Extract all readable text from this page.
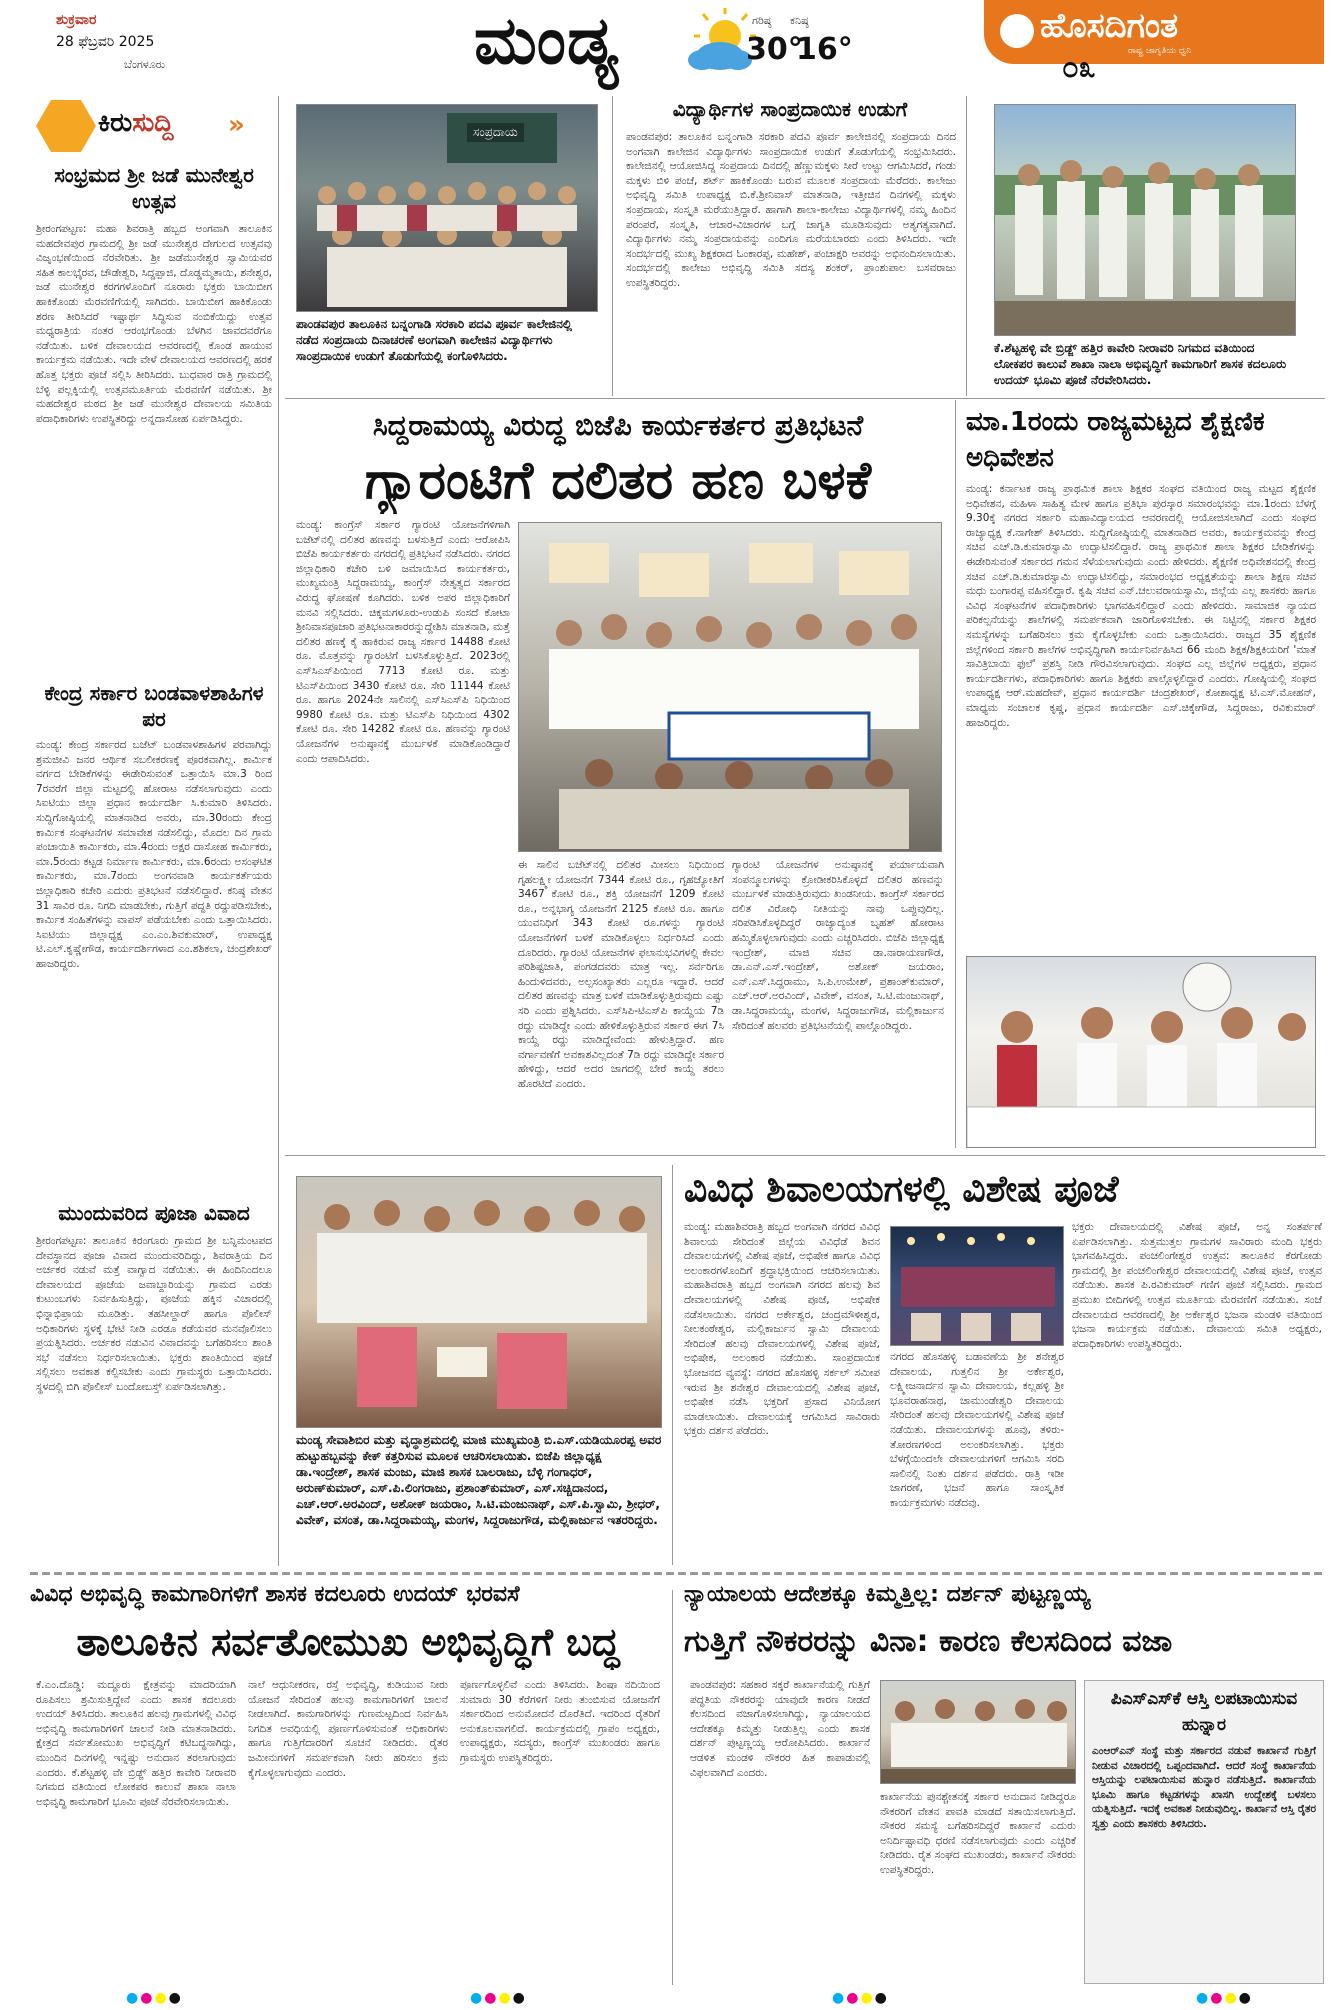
ಶುಕ್ರವಾರ
28 ಫೆಬ್ರವರಿ 2025
ಬೆಂಗಳೂರು	ಮಂಡ್ಯ	ಗರಿಷ್ಠ ಕನಿಷ್ಠ
30°
16°
ಹೊಸದಿಗಂತ
ರಾಷ್ಟ್ರ ಜಾಗೃತಿಯ ಧ್ವನಿ
೦೩
ಕಿರುಸುದ್ದಿ »
ಸಂಭ್ರಮದ ಶ್ರೀ ಜಡೆ ಮುನೇಶ್ವರ ಉತ್ಸವ
ಶ್ರೀರಂಗಪಟ್ಟಣ: ಮಹಾ ಶಿವರಾತ್ರಿ ಹಬ್ಬದ ಅಂಗವಾಗಿ ತಾಲೂಕಿನ ಮಹದೇವಪುರ ಗ್ರಾಮದಲ್ಲಿ ಶ್ರೀ ಜಡೆ ಮುನೇಶ್ವರ ದೇಗುಲದ ಉತ್ಸವವು ವಿಜೃಂಭಣೆಯಿಂದ ನೆರವೇರಿತು. ಶ್ರೀ ಜಡೆಮುನೇಶ್ವರ ಸ್ವಾಮಿಯವರ ಸಹಿತ ಕಾಲಭೈರವ, ಚೌಡೇಶ್ವರಿ, ಸಿದ್ದಪ್ಪಾಜಿ, ದೊಡ್ಡಮ್ಮತಾಯಿ, ಶನೇಶ್ವರ, ಜಡೆ ಮುನೇಶ್ವರ ಕರಗಗಳೊಂದಿಗೆ ನೂರಾರು ಭಕ್ತರು ಬಾಯಿಬೀಗ ಹಾಕಿಕೊಂಡು ಮೆರವಣಿಗೆಯಲ್ಲಿ ಸಾಗಿದರು. ಬಾಯಿಬೀಗ ಹಾಕಿಕೊಂಡು ಶರಣ ತೀರಿಸಿದರೆ ಇಷ್ಟಾರ್ಥ ಸಿದ್ಧಿಸುವ ನಂಬಿಕೆಯಿದ್ದು ಉತ್ಸವ ಮಧ್ಯರಾತ್ರಿಯ ನಂತರ ಆರಂಭಗೊಂಡು ಬೆಳಗಿನ ಜಾವದವರೆಗೂ ನಡೆಯಿತು. ಬಳಿಕ ದೇವಾಲಯದ ಆವರಣದಲ್ಲಿ ಕೊಂಡ ಹಾಯುವ ಕಾರ್ಯಕ್ರಮ ನಡೆಯಿತು. ಇದೇ ವೇಳೆ ದೇವಾಲಯದ ಆವರಣದಲ್ಲಿ ಹರಕೆ ಹೊತ್ತ ಭಕ್ತರು ಪೂಜೆ ಸಲ್ಲಿಸಿ ತೀರಿಸಿದರು. ಬುಧವಾರ ರಾತ್ರಿ ಗ್ರಾಮದಲ್ಲಿ ಬೆಳ್ಳಿ ಪಲ್ಲಕ್ಕಿಯಲ್ಲಿ ಉತ್ಸವಮೂರ್ತಿಯ ಮೆರವಣಿಗೆ ನಡೆಯಿತು. ಶ್ರೀ ಮಹದೇಶ್ವರ ಮಠದ ಶ್ರೀ ಜಡೆ ಮುನೇಶ್ವರ ದೇವಾಲಯ ಸಮಿತಿಯ ಪದಾಧಿಕಾರಿಗಳು ಉಪಸ್ಥಿತರಿದ್ದು ಅನ್ನದಾಸೋಹ ಏರ್ಪಡಿಸಿದ್ದರು.
ಕೇಂದ್ರ ಸರ್ಕಾರ ಬಂಡವಾಳಶಾಹಿಗಳ ಪರ
ಮಂಡ್ಯ: ಕೇಂದ್ರ ಸರ್ಕಾರದ ಬಜೆಟ್ ಬಂಡವಾಳಶಾಹಿಗಳ ಪರವಾಗಿದ್ದು ಶ್ರಮಜೀವಿ ಜನರ ಆರ್ಥಿಕ ಸಬಲೀಕರಣಕ್ಕೆ ಪೂರಕವಾಗಿಲ್ಲ. ಕಾರ್ಮಿಕ ವರ್ಗದ ಬೇಡಿಕೆಗಳನ್ನು ಈಡೇರಿಸುವಂತೆ ಒತ್ತಾಯಿಸಿ ಮಾ.3 ರಿಂದ 7ರವರೆಗೆ ಜಿಲ್ಲಾ ಮಟ್ಟದಲ್ಲಿ ಹೋರಾಟ ನಡೆಸಲಾಗುವುದು ಎಂದು ಸಿಐಟಿಯು ಜಿಲ್ಲಾ ಪ್ರಧಾನ ಕಾರ್ಯದರ್ಶಿ ಸಿ.ಕುಮಾರಿ ತಿಳಿಸಿದರು. ಸುದ್ದಿಗೋಷ್ಠಿಯಲ್ಲಿ ಮಾತನಾಡಿದ ಅವರು, ಮಾ.30ರಂದು ಕೇಂದ್ರ ಕಾರ್ಮಿಕ ಸಂಘಟನೆಗಳ ಸಮಾವೇಶ ನಡೆಸಲಿದ್ದು, ಮೊದಲ ದಿನ ಗ್ರಾಮ ಪಂಚಾಯಿತಿ ಕಾರ್ಮಿಕರು, ಮಾ.4ರಂದು ಅಕ್ಷರ ದಾಸೋಹ ಕಾರ್ಮಿಕರು, ಮಾ.5ರಂದು ಕಟ್ಟಡ ನಿರ್ಮಾಣ ಕಾರ್ಮಿಕರು, ಮಾ.6ರಂದು ಅಸಂಘಟಿತ ಕಾರ್ಮಿಕರು, ಮಾ.7ರಂದು ಅಂಗನವಾಡಿ ಕಾರ್ಯಕರ್ತೆಯರು ಜಿಲ್ಲಾಧಿಕಾರಿ ಕಚೇರಿ ಎದುರು ಪ್ರತಿಭಟನೆ ನಡೆಸಲಿದ್ದಾರೆ. ಕನಿಷ್ಠ ವೇತನ 31 ಸಾವಿರ ರೂ. ನಿಗದಿ ಮಾಡಬೇಕು, ಗುತ್ತಿಗೆ ಪದ್ಧತಿ ರದ್ದುಪಡಿಸಬೇಕು, ಕಾರ್ಮಿಕ ಸಂಹಿತೆಗಳನ್ನು ವಾಪಸ್ ಪಡೆಯಬೇಕು ಎಂದು ಒತ್ತಾಯಿಸಿದರು. ಸಿಐಟಿಯು ಜಿಲ್ಲಾಧ್ಯಕ್ಷ ಎಂ.ಎಂ.ಶಿವಕುಮಾರ್, ಉಪಾಧ್ಯಕ್ಷ ಟಿ.ಎಲ್.ಕೃಷ್ಣೇಗೌಡ, ಕಾರ್ಯದರ್ಶಿಗಳಾದ ಎಂ.ಶಶಿಕಲಾ, ಚಂದ್ರಶೇಖರ್ ಹಾಜರಿದ್ದರು.
ಮುಂದುವರಿದ ಪೂಜಾ ವಿವಾದ
ಶ್ರೀರಂಗಪಟ್ಟಣ: ತಾಲೂಕಿನ ಕಿರಂಗೂರು ಗ್ರಾಮದ ಶ್ರೀ ಬನ್ನಿಮಂಟಪದ ದೇವಸ್ಥಾನದ ಪೂಜಾ ವಿವಾದ ಮುಂದುವರಿದಿದ್ದು, ಶಿವರಾತ್ರಿಯ ದಿನ ಅರ್ಚಕರ ನಡುವೆ ಮತ್ತೆ ವಾಗ್ವಾದ ನಡೆಯಿತು. ಈ ಹಿಂದಿನಿಂದಲೂ ದೇವಾಲಯದ ಪೂಜೆಯ ಜವಾಬ್ದಾರಿಯನ್ನು ಗ್ರಾಮದ ಎರಡು ಕುಟುಂಬಗಳು ನಿರ್ವಹಿಸುತ್ತಿದ್ದು, ಪೂಜೆಯ ಹಕ್ಕಿನ ವಿಚಾರದಲ್ಲಿ ಭಿನ್ನಾಭಿಪ್ರಾಯ ಮೂಡಿತ್ತು. ತಹಸೀಲ್ದಾರ್ ಹಾಗೂ ಪೊಲೀಸ್ ಅಧಿಕಾರಿಗಳು ಸ್ಥಳಕ್ಕೆ ಭೇಟಿ ನೀಡಿ ಎರಡೂ ಕಡೆಯವರ ಮನವೊಲಿಸಲು ಪ್ರಯತ್ನಿಸಿದರು. ಅರ್ಚಕರ ನಡುವಿನ ವಿವಾದವನ್ನು ಬಗೆಹರಿಸಲು ಶಾಂತಿ ಸಭೆ ನಡೆಸಲು ನಿರ್ಧರಿಸಲಾಯಿತು. ಭಕ್ತರು ಶಾಂತಿಯಿಂದ ಪೂಜೆ ಸಲ್ಲಿಸಲು ಅವಕಾಶ ಕಲ್ಪಿಸಬೇಕು ಎಂದು ಗ್ರಾಮಸ್ಥರು ಒತ್ತಾಯಿಸಿದರು. ಸ್ಥಳದಲ್ಲಿ ಬಿಗಿ ಪೊಲೀಸ್ ಬಂದೋಬಸ್ತ್ ಏರ್ಪಡಿಸಲಾಗಿತ್ತು.
ಸಂಪ್ರದಾಯ
ಪಾಂಡವಪುರ ತಾಲೂಕಿನ ಬನ್ನಂಗಾಡಿ ಸರಕಾರಿ ಪದವಿ ಪೂರ್ವ ಕಾಲೇಜಿನಲ್ಲಿ ನಡೆದ ಸಂಪ್ರದಾಯ ದಿನಾಚರಣೆ ಅಂಗವಾಗಿ ಕಾಲೇಜಿನ ವಿದ್ಯಾರ್ಥಿಗಳು ಸಾಂಪ್ರದಾಯಿಕ ಉಡುಗೆ ತೊಡುಗೆಯಲ್ಲಿ ಕಂಗೊಳಿಸಿದರು.
ವಿದ್ಯಾರ್ಥಿಗಳ ಸಾಂಪ್ರದಾಯಿಕ ಉಡುಗೆ
ಪಾಂಡವಪುರ: ತಾಲೂಕಿನ ಬನ್ನಂಗಾಡಿ ಸರಕಾರಿ ಪದವಿ ಪೂರ್ವ ಕಾಲೇಜಿನಲ್ಲಿ ಸಂಪ್ರದಾಯ ದಿನದ ಅಂಗವಾಗಿ ಕಾಲೇಜಿನ ವಿದ್ಯಾರ್ಥಿಗಳು ಸಾಂಪ್ರದಾಯಿಕ ಉಡುಗೆ ತೊಡುಗೆಯಲ್ಲಿ ಸಂಭ್ರಮಿಸಿದರು. ಕಾಲೇಜಿನಲ್ಲಿ ಆಯೋಜಿಸಿದ್ದ ಸಂಪ್ರದಾಯ ದಿನದಲ್ಲಿ ಹೆಣ್ಣುಮಕ್ಕಳು ಸೀರೆ ಉಟ್ಟು ಆಗಮಿಸಿದರೆ, ಗಂಡು ಮಕ್ಕಳು ಬಿಳಿ ಪಂಚೆ, ಶರ್ಟ್ ಹಾಕಿಕೊಂಡು ಬರುವ ಮೂಲಕ ಸಂಪ್ರದಾಯ ಮೆರೆದರು. ಕಾಲೇಜು ಅಭಿವೃದ್ಧಿ ಸಮಿತಿ ಉಪಾಧ್ಯಕ್ಷ ಬಿ.ಕೆ.ಶ್ರೀನಿವಾಸ್ ಮಾತನಾಡಿ, ಇತ್ತೀಚಿನ ದಿನಗಳಲ್ಲಿ ಮಕ್ಕಳು ಸಂಪ್ರದಾಯ, ಸಂಸ್ಕೃತಿ ಮರೆಯುತ್ತಿದ್ದಾರೆ. ಹಾಗಾಗಿ ಶಾಲಾ-ಕಾಲೇಜು ವಿದ್ಯಾರ್ಥಿಗಳಲ್ಲಿ ನಮ್ಮ ಹಿಂದಿನ ಪರಂಪರೆ, ಸಂಸ್ಕೃತಿ, ಆಚಾರ-ವಿಚಾರಗಳ ಬಗ್ಗೆ ಜಾಗೃತಿ ಮೂಡಿಸುವುದು ಅತ್ಯಗತ್ಯವಾಗಿದೆ. ವಿದ್ಯಾರ್ಥಿಗಳು ನಮ್ಮ ಸಂಪ್ರದಾಯವನ್ನು ಎಂದಿಗೂ ಮರೆಯಬಾರದು ಎಂದು ತಿಳಿಸಿದರು. ಇದೇ ಸಂದರ್ಭದಲ್ಲಿ ಮುಖ್ಯ ಶಿಕ್ಷಕರಾದ ಓಂಕಾರಪ್ಪ, ಮಹೇಶ್, ಪಂಚಾಕ್ಷರಿ ಅವರನ್ನು ಅಭಿನಂದಿಸಲಾಯಿತು. ಸಂದರ್ಭದಲ್ಲಿ ಕಾಲೇಜು ಅಭಿವೃದ್ಧಿ ಸಮಿತಿ ಸದಸ್ಯ ಶಂಕರ್, ಪ್ರಾಂಶುಪಾಲ ಬಸವರಾಜು ಉಪಸ್ಥಿತರಿದ್ದರು.
ಕೆ.ಶೆಟ್ಟಹಳ್ಳಿ ವೇ ಬ್ರಿಡ್ಜ್ ಹತ್ತಿರ ಕಾವೇರಿ ನೀರಾವರಿ ನಿಗಮದ ವತಿಯಿಂದ ಲೋಕಪರ ಕಾಲುವೆ ಶಾಖಾ ನಾಲಾ ಅಭಿವೃದ್ಧಿಗೆ ಕಾಮಗಾರಿಗೆ ಶಾಸಕ ಕದಲೂರು ಉದಯ್ ಭೂಮಿ ಪೂಜೆ ನೆರವೇರಿಸಿದರು.
ಸಿದ್ದರಾಮಯ್ಯ ವಿರುದ್ಧ ಬಿಜೆಪಿ ಕಾರ್ಯಕರ್ತರ ಪ್ರತಿಭಟನೆ
ಗ್ಯಾರಂಟಿಗೆ ದಲಿತರ ಹಣ ಬಳಕೆ
ಮಂಡ್ಯ: ಕಾಂಗ್ರೆಸ್ ಸರ್ಕಾರ ಗ್ಯಾರಂಟಿ ಯೋಜನೆಗಳಿಗಾಗಿ ಬಜೆಟ್‌ನಲ್ಲಿ ದಲಿತರ ಹಣವನ್ನು ಬಳಸುತ್ತಿದೆ ಎಂದು ಆರೋಪಿಸಿ ಬಿಜೆಪಿ ಕಾರ್ಯಕರ್ತರು ನಗರದಲ್ಲಿ ಪ್ರತಿಭಟನೆ ನಡೆಸಿದರು. ನಗರದ ಜಿಲ್ಲಾಧಿಕಾರಿ ಕಚೇರಿ ಬಳಿ ಜಮಾಯಿಸಿದ ಕಾರ್ಯಕರ್ತರು, ಮುಖ್ಯಮಂತ್ರಿ ಸಿದ್ದರಾಮಯ್ಯ, ಕಾಂಗ್ರೆಸ್ ನೇತೃತ್ವದ ಸರ್ಕಾರದ ವಿರುದ್ಧ ಘೋಷಣೆ ಕೂಗಿದರು. ಬಳಿಕ ಅಪರ ಜಿಲ್ಲಾಧಿಕಾರಿಗೆ ಮನವಿ ಸಲ್ಲಿಸಿದರು. ಚಿಕ್ಕಮಗಳೂರು-ಉಡುಪಿ ಸಂಸದೆ ಕೋಟಾ ಶ್ರೀನಿವಾಸಪೂಜಾರಿ ಪ್ರತಿಭಟನಾಕಾರರನ್ನುದ್ದೇಶಿಸಿ ಮಾತನಾಡಿ, ಮತ್ತೆ ದಲಿತರ ಹಣಕ್ಕೆ ಕೈ ಹಾಕಿರುವ ರಾಜ್ಯ ಸರ್ಕಾರ 14488 ಕೋಟಿ ರೂ. ಮೊತ್ತವನ್ನು ಗ್ಯಾರಂಟಿಗೆ ಬಳಸಿಕೊಳ್ಳುತ್ತಿದೆ. 2023ರಲ್ಲಿ ಎಸ್‌ಸಿಎಸ್‌ಪಿಯಿಂದ 7713 ಕೋಟಿ ರೂ. ಮತ್ತು ಟಿಎಸ್‌ಪಿಯಿಂದ 3430 ಕೋಟಿ ರೂ. ಸೇರಿ 11144 ಕೋಟಿ ರೂ. ಹಾಗೂ 2024ನೇ ಸಾಲಿನಲ್ಲಿ ಎಸ್‌ಸಿಎಸ್‌ಪಿ ನಿಧಿಯಿಂದ 9980 ಕೋಟಿ ರೂ. ಮತ್ತು ಟಿಎಸ್‌ಪಿ ನಿಧಿಯಿಂದ 4302 ಕೋಟಿ ರೂ. ಸೇರಿ 14282 ಕೋಟಿ ರೂ. ಹಣವನ್ನು ಗ್ಯಾರಂಟಿ ಯೋಜನೆಗಳ ಅನುಷ್ಠಾನಕ್ಕೆ ಮುರ್ಬಳಕೆ ಮಾಡಿಕೊಂಡಿದ್ದಾರೆ ಎಂದು ಆಪಾದಿಸಿದರು.
ಈ ಸಾಲಿನ ಬಜೆಟ್‌ನಲ್ಲಿ ದಲಿತರ ಮೀಸಲು ನಿಧಿಯಿಂದ ಗೃಹಲಕ್ಷ್ಮೀ ಯೋಜನೆಗೆ 7344 ಕೋಟಿ ರೂ., ಗೃಹಜ್ಯೋತಿಗೆ 3467 ಕೋಟಿ ರೂ., ಶಕ್ತಿ ಯೋಜನೆಗೆ 1209 ಕೋಟಿ ರೂ., ಅನ್ನಭಾಗ್ಯ ಯೋಜನೆಗೆ 2125 ಕೋಟಿ ರೂ. ಹಾಗೂ ಯುವನಿಧಿಗೆ 343 ಕೋಟಿ ರೂ.ಗಳನ್ನು ಗ್ಯಾರಂಟಿ ಯೋಜನೆಗಳಿಗೆ ಬಳಕೆ ಮಾಡಿಕೊಳ್ಳಲು ನಿರ್ಧರಿಸಿದೆ ಎಂದು ದೂರಿದರು. ಗ್ಯಾರಂಟಿ ಯೋಜನೆಗಳ ಫಲಾನುಭವಿಗಳಲ್ಲಿ ಕೇವಲ ಪರಿಶಿಷ್ಟಜಾತಿ, ಪಂಗಡದವರು ಮಾತ್ರ ಇಲ್ಲ. ಸರ್ವರಿಗೂ ಹಿಂದುಳಿದವರು, ಅಲ್ಪಸಂಖ್ಯಾತರು ಎಲ್ಲರೂ ಇದ್ದಾರೆ. ಆದರೆ ದಲಿತರ ಹಣವನ್ನು ಮಾತ್ರ ಬಳಕೆ ಮಾಡಿಕೊಳ್ಳುತ್ತಿರುವುದು ಎಷ್ಟು ಸರಿ ಎಂದು ಪ್ರಶ್ನಿಸಿದರು. ಎಸ್‌ಸಿಪಿ-ಟಿಎಸ್‌ಪಿ ಕಾಯ್ದೆಯ 7ಡಿ ರದ್ದು ಮಾಡಿದ್ದೇ ಎಂದು ಹೇಳಿಕೊಳ್ಳುತ್ತಿರುವ ಸರ್ಕಾರ ಈಗ 7ಸಿ ಕಾಯ್ದೆ ರದ್ದು ಮಾಡಿದ್ದೇವೆಂದು ಹೇಳುತ್ತಿದ್ದಾರೆ. ಹಣ ವರ್ಗಾವಣೆಗೆ ಅವಕಾಶವಿಲ್ಲದಂತೆ 7ಡಿ ರದ್ದು ಮಾಡಿದ್ದೇ ಸರ್ಕಾರ ಹೇಳಿದ್ದು, ಆದರೆ ಅದರ ಜಾಗದಲ್ಲಿ ಬೇರೆ ಕಾಯ್ದೆ ತರಲು ಹೊರಟಿದೆ ಎಂದರು.
ಗ್ಯಾರಂಟಿ ಯೋಜನೆಗಳ ಅನುಷ್ಠಾನಕ್ಕೆ ಪರ್ಯಾಯವಾಗಿ ಸಂಪನ್ಮೂಲಗಳನ್ನು ಕ್ರೋಡೀಕರಿಸಿಕೊಳ್ಳದೆ ದಲಿತರ ಹಣವನ್ನು ಮುರ್ಬಳಕೆ ಮಾಡುತ್ತಿರುವುದು ಖಂಡನೀಯ. ಕಾಂಗ್ರೆಸ್ ಸರ್ಕಾರದ ದಲಿತ ವಿರೋಧಿ ನೀತಿಯನ್ನು ನಾವು ಒಪ್ಪುವುದಿಲ್ಲ. ಸರಿಪಡಿಸಿಕೊಳ್ಳದಿದ್ದರೆ ರಾಜ್ಯಾದ್ಯಂತ ಬೃಹತ್ ಹೋರಾಟ ಹಮ್ಮಿಕೊಳ್ಳಲಾಗುವುದು ಎಂದು ಎಚ್ಚರಿಸಿದರು. ಬಿಜೆಪಿ ಜಿಲ್ಲಾಧ್ಯಕ್ಷ ಇಂದ್ರೇಶ್, ಮಾಜಿ ಸಚಿವ ಡಾ.ನಾರಾಯಣಗೌಡ, ಡಾ.ಎನ್.ಎಸ್.ಇಂದ್ರೇಶ್, ಅಶೋಕ್ ಜಯರಾಂ, ಎನ್.ಎಸ್.ಸಿದ್ದರಾಮು, ಸಿ.ಪಿ.ಉಮೇಶ್, ಪ್ರಶಾಂತ್‌ಕುಮಾರ್, ಎಚ್.ಆರ್.ಅರವಿಂದ್, ವಿವೇಕ್, ವಸಂತ, ಸಿ.ಟಿ.ಮಂಜುನಾಥ್, ಡಾ.ಸಿದ್ದರಾಮಯ್ಯ, ಮಂಗಳ, ಸಿದ್ದರಾಜುಗೌಡ, ಮಲ್ಲಿಕಾರ್ಜುನ ಸೇರಿದಂತೆ ಹಲವರು ಪ್ರತಿಭಟನೆಯಲ್ಲಿ ಪಾಲ್ಗೊಂಡಿದ್ದರು.
ಮಾ.1ರಂದು ರಾಜ್ಯಮಟ್ಟದ ಶೈಕ್ಷಣಿಕ ಅಧಿವೇಶನ
ಮಂಡ್ಯ: ಕರ್ನಾಟಕ ರಾಜ್ಯ ಪ್ರಾಥಮಿಕ ಶಾಲಾ ಶಿಕ್ಷಕರ ಸಂಘದ ವತಿಯಿಂದ ರಾಜ್ಯ ಮಟ್ಟದ ಶೈಕ್ಷಣಿಕ ಅಧಿವೇಶನ, ಮಹಿಳಾ ಸಾಹಿತ್ಯ ಮೇಳ ಹಾಗೂ ಪ್ರತಿಭಾ ಪುರಸ್ಕಾರ ಸಮಾರಂಭವನ್ನು ಮಾ.1ರಂದು ಬೆಳಗ್ಗೆ 9.30ಕ್ಕೆ ನಗರದ ಸರ್ಕಾರಿ ಮಹಾವಿದ್ಯಾಲಯದ ಆವರಣದಲ್ಲಿ ಆಯೋಜಿಸಲಾಗಿದೆ ಎಂದು ಸಂಘದ ರಾಜ್ಯಾಧ್ಯಕ್ಷ ಕೆ.ನಾಗೇಶ್ ತಿಳಿಸಿದರು. ಸುದ್ದಿಗೋಷ್ಠಿಯಲ್ಲಿ ಮಾತನಾಡಿದ ಅವರು, ಕಾರ್ಯಕ್ರಮವನ್ನು ಕೇಂದ್ರ ಸಚಿವ ಎಚ್.ಡಿ.ಕುಮಾರಸ್ವಾಮಿ ಉದ್ಘಾಟಿಸಲಿದ್ದಾರೆ. ರಾಜ್ಯ ಪ್ರಾಥಮಿಕ ಶಾಲಾ ಶಿಕ್ಷಕರ ಬೇಡಿಕೆಗಳನ್ನು ಈಡೇರಿಸುವಂತೆ ಸರ್ಕಾರದ ಗಮನ ಸೆಳೆಯಲಾಗುವುದು ಎಂದು ಹೇಳಿದರು. ಶೈಕ್ಷಣಿಕ ಅಧಿವೇಶನದಲ್ಲಿ ಕೇಂದ್ರ ಸಚಿವ ಎಚ್.ಡಿ.ಕುಮಾರಸ್ವಾಮಿ ಉದ್ಘಾಟಿಸಲಿದ್ದು, ಸಮಾರಂಭದ ಅಧ್ಯಕ್ಷತೆಯನ್ನು ಶಾಲಾ ಶಿಕ್ಷಣ ಸಚಿವ ಮಧು ಬಂಗಾರಪ್ಪ ವಹಿಸಲಿದ್ದಾರೆ. ಕೃಷಿ ಸಚಿವ ಎನ್.ಚಲುವರಾಯಸ್ವಾಮಿ, ಜಿಲ್ಲೆಯ ಎಲ್ಲ ಶಾಸಕರು ಹಾಗೂ ವಿವಿಧ ಸಂಘಟನೆಗಳ ಪದಾಧಿಕಾರಿಗಳು ಭಾಗವಹಿಸಲಿದ್ದಾರೆ ಎಂದು ಹೇಳಿದರು. ಸಾಮಾಜಿಕ ನ್ಯಾಯದ ಪರಿಕಲ್ಪನೆಯನ್ನು ಶಾಲೆಗಳಲ್ಲಿ ಸಮರ್ಪಕವಾಗಿ ಜಾರಿಗೊಳಿಸಬೇಕು. ಈ ನಿಟ್ಟಿನಲ್ಲಿ ಸರ್ಕಾರ ಶಿಕ್ಷಕರ ಸಮಸ್ಯೆಗಳನ್ನು ಬಗೆಹರಿಸಲು ಕ್ರಮ ಕೈಗೊಳ್ಳಬೇಕು ಎಂದು ಒತ್ತಾಯಿಸಿದರು. ರಾಜ್ಯದ 35 ಶೈಕ್ಷಣಿಕ ಜಿಲ್ಲೆಗಳಿಂದ ಸರ್ಕಾರಿ ಶಾಲೆಗಳ ಅಭಿವೃದ್ಧಿಗಾಗಿ ಕಾರ್ಯನಿರ್ವಹಿಸಿದ 66 ಮಂದಿ ಶಿಕ್ಷಕ/ಶಿಕ್ಷಕಿಯರಿಗೆ 'ಮಾತೆ ಸಾವಿತ್ರಿಬಾಯಿ ಫುಲೆ' ಪ್ರಶಸ್ತಿ ನೀಡಿ ಗೌರವಿಸಲಾಗುವುದು. ಸಂಘದ ಎಲ್ಲ ಜಿಲ್ಲೆಗಳ ಅಧ್ಯಕ್ಷರು, ಪ್ರಧಾನ ಕಾರ್ಯದರ್ಶಿಗಳು, ಪದಾಧಿಕಾರಿಗಳು ಹಾಗೂ ಶಿಕ್ಷಕರು ಪಾಲ್ಗೊಳ್ಳಲಿದ್ದಾರೆ ಎಂದರು. ಗೋಷ್ಠಿಯಲ್ಲಿ ಸಂಘದ ಉಪಾಧ್ಯಕ್ಷ ಆರ್.ಮಹದೇವ್, ಪ್ರಧಾನ ಕಾರ್ಯದರ್ಶಿ ಚಂದ್ರಶೇಖರ್, ಕೋಶಾಧ್ಯಕ್ಷ ಟಿ.ಎಸ್.ಮೋಹನ್, ಮಾಧ್ಯಮ ಸಂಚಾಲಕ ಕೃಷ್ಣ, ಪ್ರಧಾನ ಕಾರ್ಯದರ್ಶಿ ಎಸ್.ಚಿಕ್ಕೇಗೌಡ, ಸಿದ್ದರಾಜು, ರವಿಕುಮಾರ್ ಹಾಜರಿದ್ದರು.
ಮಂಡ್ಯ ಸೇವಾಶಿಬಿರ ಮತ್ತು ವೃದ್ಧಾಶ್ರಮದಲ್ಲಿ ಮಾಜಿ ಮುಖ್ಯಮಂತ್ರಿ ಬಿ.ಎಸ್.ಯಡಿಯೂರಪ್ಪ ಅವರ ಹುಟ್ಟುಹಬ್ಬವನ್ನು ಕೇಕ್ ಕತ್ತರಿಸುವ ಮೂಲಕ ಆಚರಿಸಲಾಯಿತು. ಬಿಜೆಪಿ ಜಿಲ್ಲಾಧ್ಯಕ್ಷ ಡಾ.ಇಂದ್ರೇಶ್, ಶಾಸಕ ಮಂಜು, ಮಾಜಿ ಶಾಸಕ ಬಾಲರಾಜು, ಬೆಳ್ಳಿ ಗಂಗಾಧರ್, ಅರುಣ್‌ಕುಮಾರ್, ಎಸ್.ಪಿ.ಲಿಂಗರಾಜು, ಪ್ರಶಾಂತ್‌ಕುಮಾರ್, ಎಸ್.ಸಚ್ಚಿದಾನಂದ, ಎಚ್.ಆರ್.ಅರವಿಂದ್, ಅಶೋಕ್ ಜಯರಾಂ, ಸಿ.ಟಿ.ಮಂಜುನಾಥ್, ಎಸ್.ಪಿ.ಸ್ವಾಮಿ, ಶ್ರೀಧರ್, ವಿವೇಕ್, ವಸಂತ, ಡಾ.ಸಿದ್ದರಾಮಯ್ಯ, ಮಂಗಳ, ಸಿದ್ದರಾಜುಗೌಡ, ಮಲ್ಲಿಕಾರ್ಜುನ ಇತರರಿದ್ದರು.
ವಿವಿಧ ಶಿವಾಲಯಗಳಲ್ಲಿ ವಿಶೇಷ ಪೂಜೆ
ಮಂಡ್ಯ: ಮಹಾಶಿವರಾತ್ರಿ ಹಬ್ಬದ ಅಂಗವಾಗಿ ನಗರದ ವಿವಿಧ ಶಿವಾಲಯ ಸೇರಿದಂತೆ ಜಿಲ್ಲೆಯ ವಿವಿಧೆಡೆ ಶಿವನ ದೇವಾಲಯಗಳಲ್ಲಿ ವಿಶೇಷ ಪೂಜೆ, ಅಭಿಷೇಕ ಹಾಗೂ ವಿವಿಧ ಅಲಂಕಾರಗಳೊಂದಿಗೆ ಶ್ರದ್ಧಾಭಕ್ತಿಯಿಂದ ಆಚರಿಸಲಾಯಿತು. ಮಹಾಶಿವರಾತ್ರಿ ಹಬ್ಬದ ಅಂಗವಾಗಿ ನಗರದ ಹಲವು ಶಿವ ದೇವಾಲಯಗಳಲ್ಲಿ ವಿಶೇಷ ಪೂಜೆ, ಅಭಿಷೇಕ ನಡೆಸಲಾಯಿತು. ನಗರದ ಅರ್ಕೇಶ್ವರ, ಚಂದ್ರಮೌಳೀಶ್ವರ, ನೀಲಕಂಠೇಶ್ವರ, ಮಲ್ಲಿಕಾರ್ಜುನ ಸ್ವಾಮಿ ದೇವಾಲಯ ಸೇರಿದಂತೆ ಹಲವು ದೇವಾಲಯಗಳಲ್ಲಿ ವಿಶೇಷ ಪೂಜೆ, ಅಭಿಷೇಕ, ಅಲಂಕಾರ ನಡೆಯಿತು. ಸಾಂಪ್ರದಾಯಿಕ ಭೋಜನದ ವ್ಯವಸ್ಥೆ: ನಗರದ ಹೊಸಹಳ್ಳಿ ಸರ್ಕಲ್ ಸಮೀಪ ಇರುವ ಶ್ರೀ ಶನೇಶ್ವರ ದೇವಾಲಯದಲ್ಲಿ ವಿಶೇಷ ಪೂಜೆ, ಅಭಿಷೇಕ ನಡೆಸಿ ಭಕ್ತರಿಗೆ ಪ್ರಸಾದ ವಿನಿಯೋಗ ಮಾಡಲಾಯಿತು. ದೇವಾಲಯಕ್ಕೆ ಆಗಮಿಸಿದ ಸಾವಿರಾರು ಭಕ್ತರು ದರ್ಶನ ಪಡೆದರು.
ನಗರದ ಹೊಸಹಳ್ಳಿ ಬಡಾವಣೆಯ ಶ್ರೀ ಶನೇಶ್ವರ ದೇವಾಲಯ, ಗುತ್ತಲಿನ ಶ್ರೀ ಅರ್ಕೇಶ್ವರ, ಲಕ್ಷ್ಮೀಜನಾರ್ದನ ಸ್ವಾಮಿ ದೇವಾಲಯ, ಕಲ್ಲಹಳ್ಳಿ ಶ್ರೀ ಭೂವರಾಹನಾಥ, ಚಾಮುಂಡೇಶ್ವರಿ ದೇವಾಲಯ ಸೇರಿದಂತೆ ಹಲವು ದೇವಾಲಯಗಳಲ್ಲಿ ವಿಶೇಷ ಪೂಜೆ ನಡೆಯಿತು. ದೇವಾಲಯಗಳನ್ನು ಹೂವು, ತಳಿರು-ತೋರಣಗಳಿಂದ ಅಲಂಕರಿಸಲಾಗಿತ್ತು. ಭಕ್ತರು ಬೆಳಗ್ಗೆಯಿಂದಲೇ ದೇವಾಲಯಗಳಿಗೆ ಆಗಮಿಸಿ ಸರದಿ ಸಾಲಿನಲ್ಲಿ ನಿಂತು ದರ್ಶನ ಪಡೆದರು. ರಾತ್ರಿ ಇಡೀ ಜಾಗರಣೆ, ಭಜನೆ ಹಾಗೂ ಸಾಂಸ್ಕೃತಿಕ ಕಾರ್ಯಕ್ರಮಗಳು ನಡೆದವು.
ಭಕ್ತರು ದೇವಾಲಯದಲ್ಲಿ ವಿಶೇಷ ಪೂಜೆ, ಅನ್ನ ಸಂತರ್ಪಣೆ ಏರ್ಪಡಿಸಲಾಗಿತ್ತು. ಸುತ್ತಮುತ್ತಲ ಗ್ರಾಮಗಳ ಸಾವಿರಾರು ಮಂದಿ ಭಕ್ತರು ಭಾಗವಹಿಸಿದ್ದರು. ಪಂಚಲಿಂಗೇಶ್ವರ ಉತ್ಸವ: ತಾಲೂಕಿನ ಕೆರಗೋಡು ಗ್ರಾಮದಲ್ಲಿ ಶ್ರೀ ಪಂಚಲಿಂಗೇಶ್ವರ ದೇವಾಲಯದಲ್ಲಿ ವಿಶೇಷ ಪೂಜೆ, ಉತ್ಸವ ನಡೆಯಿತು. ಶಾಸಕ ಪಿ.ರವಿಕುಮಾರ್ ಗಣಿಗ ಪೂಜೆ ಸಲ್ಲಿಸಿದರು. ಗ್ರಾಮದ ಪ್ರಮುಖ ಬೀದಿಗಳಲ್ಲಿ ಉತ್ಸವ ಮೂರ್ತಿಯ ಮೆರವಣಿಗೆ ನಡೆಯಿತು. ಸಂಜೆ ದೇವಾಲಯದ ಆವರಣದಲ್ಲಿ ಶ್ರೀ ಅರ್ಕೇಶ್ವರ ಭಜನಾ ಮಂಡಳಿ ವತಿಯಿಂದ ಭಜನಾ ಕಾರ್ಯಕ್ರಮ ನಡೆಯಿತು. ದೇವಾಲಯ ಸಮಿತಿ ಅಧ್ಯಕ್ಷರು, ಪದಾಧಿಕಾರಿಗಳು ಉಪಸ್ಥಿತರಿದ್ದರು.
ವಿವಿಧ ಅಭಿವೃದ್ಧಿ ಕಾಮಗಾರಿಗಳಿಗೆ ಶಾಸಕ ಕದಲೂರು ಉದಯ್ ಭರವಸೆ
ತಾಲೂಕಿನ ಸರ್ವತೋಮುಖ ಅಭಿವೃದ್ಧಿಗೆ ಬದ್ಧ
ಕೆ.ಎಂ.ದೊಡ್ಡಿ: ಮದ್ದೂರು ಕ್ಷೇತ್ರವನ್ನು ಮಾದರಿಯಾಗಿ ರೂಪಿಸಲು ಶ್ರಮಿಸುತ್ತಿದ್ದೇನೆ ಎಂದು ಶಾಸಕ ಕದಲೂರು ಉದಯ್ ತಿಳಿಸಿದರು. ತಾಲೂಕಿನ ಹಲವು ಗ್ರಾಮಗಳಲ್ಲಿ ವಿವಿಧ ಅಭಿವೃದ್ಧಿ ಕಾಮಗಾರಿಗಳಿಗೆ ಚಾಲನೆ ನೀಡಿ ಮಾತನಾಡಿದರು. ಕ್ಷೇತ್ರದ ಸರ್ವತೋಮುಖ ಅಭಿವೃದ್ಧಿಗೆ ಕಟಿಬದ್ಧನಾಗಿದ್ದು, ಮುಂದಿನ ದಿನಗಳಲ್ಲಿ ಇನ್ನಷ್ಟು ಅನುದಾನ ತರಲಾಗುವುದು ಎಂದರು. ಕೆ.ಶೆಟ್ಟಹಳ್ಳಿ ವೇ ಬ್ರಿಡ್ಜ್ ಹತ್ತಿರ ಕಾವೇರಿ ನೀರಾವರಿ ನಿಗಮದ ವತಿಯಿಂದ ಲೋಕಪರ ಕಾಲುವೆ ಶಾಖಾ ನಾಲಾ ಅಭಿವೃದ್ಧಿ ಕಾಮಗಾರಿಗೆ ಭೂಮಿ ಪೂಜೆ ನೆರವೇರಿಸಲಾಯಿತು.
ನಾಲೆ ಆಧುನೀಕರಣ, ರಸ್ತೆ ಅಭಿವೃದ್ಧಿ, ಕುಡಿಯುವ ನೀರು ಯೋಜನೆ ಸೇರಿದಂತೆ ಹಲವು ಕಾಮಗಾರಿಗಳಿಗೆ ಚಾಲನೆ ನೀಡಲಾಗಿದೆ. ಕಾಮಗಾರಿಗಳನ್ನು ಗುಣಮಟ್ಟದಿಂದ ನಿರ್ವಹಿಸಿ ನಿಗದಿತ ಅವಧಿಯಲ್ಲಿ ಪೂರ್ಣಗೊಳಿಸುವಂತೆ ಅಧಿಕಾರಿಗಳು ಹಾಗೂ ಗುತ್ತಿಗೆದಾರರಿಗೆ ಸೂಚನೆ ನೀಡಿದರು. ರೈತರ ಜಮೀನುಗಳಿಗೆ ಸಮರ್ಪಕವಾಗಿ ನೀರು ಹರಿಸಲು ಕ್ರಮ ಕೈಗೊಳ್ಳಲಾಗುವುದು ಎಂದರು.
ಪೂರ್ಣಗೊಳ್ಳಲಿವೆ ಎಂದು ತಿಳಿಸಿದರು. ಶಿಂಷಾ ನದಿಯಿಂದ ಸುಮಾರು 30 ಕೆರೆಗಳಿಗೆ ನೀರು ತುಂಬಿಸುವ ಯೋಜನೆಗೆ ಸರ್ಕಾರದಿಂದ ಅನುಮೋದನೆ ದೊರೆತಿದೆ. ಇದರಿಂದ ರೈತರಿಗೆ ಅನುಕೂಲವಾಗಲಿದೆ. ಕಾರ್ಯಕ್ರಮದಲ್ಲಿ ಗ್ರಾಪಂ ಅಧ್ಯಕ್ಷರು, ಉಪಾಧ್ಯಕ್ಷರು, ಸದಸ್ಯರು, ಕಾಂಗ್ರೆಸ್ ಮುಖಂಡರು ಹಾಗೂ ಗ್ರಾಮಸ್ಥರು ಉಪಸ್ಥಿತರಿದ್ದರು.
ನ್ಯಾಯಾಲಯ ಆದೇಶಕ್ಕೂ ಕಿಮ್ಮತ್ತಿಲ್ಲ: ದರ್ಶನ್ ಪುಟ್ಟಣ್ಣಯ್ಯ
ಗುತ್ತಿಗೆ ನೌಕರರನ್ನು ವಿನಾ: ಕಾರಣ ಕೆಲಸದಿಂದ ವಜಾ
ಪಾಂಡವಪುರ: ಸಹಕಾರ ಸಕ್ಕರೆ ಕಾರ್ಖಾನೆಯಲ್ಲಿ ಗುತ್ತಿಗೆ ಪದ್ಧತಿಯ ನೌಕರರನ್ನು ಯಾವುದೇ ಕಾರಣ ನೀಡದೆ ಕೆಲಸದಿಂದ ವಜಾಗೊಳಿಸಲಾಗಿದ್ದು, ನ್ಯಾಯಾಲಯದ ಆದೇಶಕ್ಕೂ ಕಿಮ್ಮತ್ತು ನೀಡುತ್ತಿಲ್ಲ ಎಂದು ಶಾಸಕ ದರ್ಶನ್ ಪುಟ್ಟಣ್ಣಯ್ಯ ಆರೋಪಿಸಿದರು. ಕಾರ್ಖಾನೆ ಆಡಳಿತ ಮಂಡಳಿ ನೌಕರರ ಹಿತ ಕಾಪಾಡುವಲ್ಲಿ ವಿಫಲವಾಗಿದೆ ಎಂದರು.
ಕಾರ್ಖಾನೆಯ ಪುನಶ್ಚೇತನಕ್ಕೆ ಸರ್ಕಾರ ಅನುದಾನ ನೀಡಿದ್ದರೂ ನೌಕರರಿಗೆ ವೇತನ ಪಾವತಿ ಮಾಡದೆ ಸತಾಯಿಸಲಾಗುತ್ತಿದೆ. ನೌಕರರ ಸಮಸ್ಯೆ ಬಗೆಹರಿಸದಿದ್ದರೆ ಕಾರ್ಖಾನೆ ಎದುರು ಅನಿರ್ದಿಷ್ಟಾವಧಿ ಧರಣಿ ನಡೆಸಲಾಗುವುದು ಎಂದು ಎಚ್ಚರಿಕೆ ನೀಡಿದರು. ರೈತ ಸಂಘದ ಮುಖಂಡರು, ಕಾರ್ಖಾನೆ ನೌಕರರು ಉಪಸ್ಥಿತರಿದ್ದರು.
ಪಿಎಸ್‌ಎಸ್‌ಕೆ ಆಸ್ತಿ ಲಪಟಾಯಿಸುವ ಹುನ್ನಾರ
ಎಂಆರ್‌ಎನ್ ಸಂಸ್ಥೆ ಮತ್ತು ಸರ್ಕಾರದ ನಡುವೆ ಕಾರ್ಖಾನೆ ಗುತ್ತಿಗೆ ನೀಡುವ ವಿಚಾರದಲ್ಲಿ ಒಪ್ಪಂದವಾಗಿದೆ. ಆದರೆ ಸಂಸ್ಥೆ ಕಾರ್ಖಾನೆಯ ಆಸ್ತಿಯನ್ನು ಲಪಟಾಯಿಸುವ ಹುನ್ನಾರ ನಡೆಸುತ್ತಿದೆ. ಕಾರ್ಖಾನೆಯ ಭೂಮಿ ಹಾಗೂ ಕಟ್ಟಡಗಳನ್ನು ಖಾಸಗಿ ಉದ್ದೇಶಕ್ಕೆ ಬಳಸಲು ಯತ್ನಿಸುತ್ತಿದೆ. ಇದಕ್ಕೆ ಅವಕಾಶ ನೀಡುವುದಿಲ್ಲ. ಕಾರ್ಖಾನೆ ಆಸ್ತಿ ರೈತರ ಸ್ವತ್ತು ಎಂದು ಶಾಸಕರು ತಿಳಿಸಿದರು.
●●●●	●●●●	●●●●	●●●●
